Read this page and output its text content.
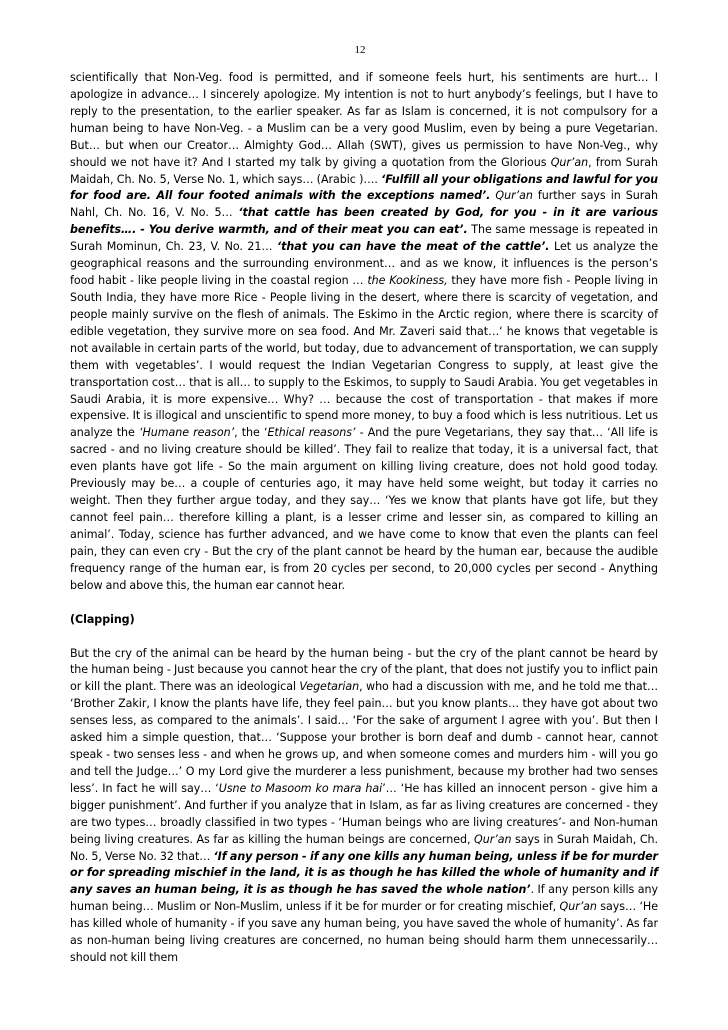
12

scientifically that Non-Veg. food is permitted, and if someone feels hurt, his sentiments are hurt… I apologize in advance… I sincerely apologize. My intention is not to hurt anybody’s feelings, but I have to reply to the presentation, to the earlier speaker. As far as Islam is concerned, it is not compulsory for a human being to have Non-Veg. - a Muslim can be a very good Muslim, even by being a pure Vegetarian. But… but when our Creator… Almighty God… Allah (SWT), gives us permission to have Non-Veg., why should we not have it? And I started my talk by giving a quotation from the Glorious Qur’an, from Surah Maidah, Ch. No. 5, Verse No. 1, which says… (Arabic )…. ‘Fulfill all your obligations and lawful for you for food are. All four footed animals with the exceptions named’. Qur’an further says in Surah Nahl, Ch. No. 16, V. No. 5… ‘that cattle has been created by God, for you - in it are various benefits…. - You derive warmth, and of their meat you can eat’. The same message is repeated in Surah Mominun, Ch. 23, V. No. 21… ‘that you can have the meat of the cattle’. Let us analyze the geographical reasons and the surrounding environment… and as we know, it influences is the person’s food habit - like people living in the coastal region … the Kookiness, they have more fish - People living in South India, they have more Rice - People living in the desert, where there is scarcity of vegetation, and people mainly survive on the flesh of animals. The Eskimo in the Arctic region, where there is scarcity of edible vegetation, they survive more on sea food. And Mr. Zaveri said that…‘ he knows that vegetable is not available in certain parts of the world, but today, due to advancement of transportation, we can supply them with vegetables’. I would request the Indian Vegetarian Congress to supply, at least give the transportation cost… that is all… to supply to the Eskimos, to supply to Saudi Arabia. You get vegetables in Saudi Arabia, it is more expensive… Why? … because the cost of transportation - that makes if more expensive. It is illogical and unscientific to spend more money, to buy a food which is less nutritious. Let us analyze the ‘Humane reason’, the ‘Ethical reasons’ - And the pure Vegetarians, they say that… ‘All life is sacred - and no living creature should be killed’. They fail to realize that today, it is a universal fact, that even plants have got life - So the main argument on killing living creature, does not hold good today. Previously may be… a couple of centuries ago, it may have held some weight, but today it carries no weight. Then they further argue today, and they say… ‘Yes we know that plants have got life, but they cannot feel pain… therefore killing a plant, is a lesser crime and lesser sin, as compared to killing an animal’. Today, science has further advanced, and we have come to know that even the plants can feel pain, they can even cry - But the cry of the plant cannot be heard by the human ear, because the audible frequency range of the human ear, is from 20 cycles per second, to 20,000 cycles per second - Anything below and above this, the human ear cannot hear.

(Clapping)

But the cry of the animal can be heard by the human being - but the cry of the plant cannot be heard by the human being - Just because you cannot hear the cry of the plant, that does not justify you to inflict pain or kill the plant. There was an ideological Vegetarian, who had a discussion with me, and he told me that… ‘Brother Zakir, I know the plants have life, they feel pain… but you know plants… they have got about two senses less, as compared to the animals’. I said… ‘For the sake of argument I agree with you’. But then I asked him a simple question, that… ‘Suppose your brother is born deaf and dumb - cannot hear, cannot speak - two senses less - and when he grows up, and when someone comes and murders him - will you go and tell the Judge…’ O my Lord give the murderer a less punishment, because my brother had two senses less’. In fact he will say… ‘Usne to Masoom ko mara hai’… ‘He has killed an innocent person - give him a bigger punishment’. And further if you analyze that in Islam, as far as living creatures are concerned - they are two types… broadly classified in two types - ‘Human beings who are living creatures’- and Non-human being living creatures. As far as killing the human beings are concerned, Qur’an says in Surah Maidah, Ch. No. 5, Verse No. 32 that… ‘If any person - if any one kills any human being, unless if be for murder or for spreading mischief in the land, it is as though he has killed the whole of humanity and if any saves an human being, it is as though he has saved the whole nation’. If any person kills any human being… Muslim or Non-Muslim, unless if it be for murder or for creating mischief, Qur’an says… ‘He has killed whole of humanity - if you save any human being, you have saved the whole of humanity’. As far as non-human being living creatures are concerned, no human being should harm them unnecessarily… should not kill them
